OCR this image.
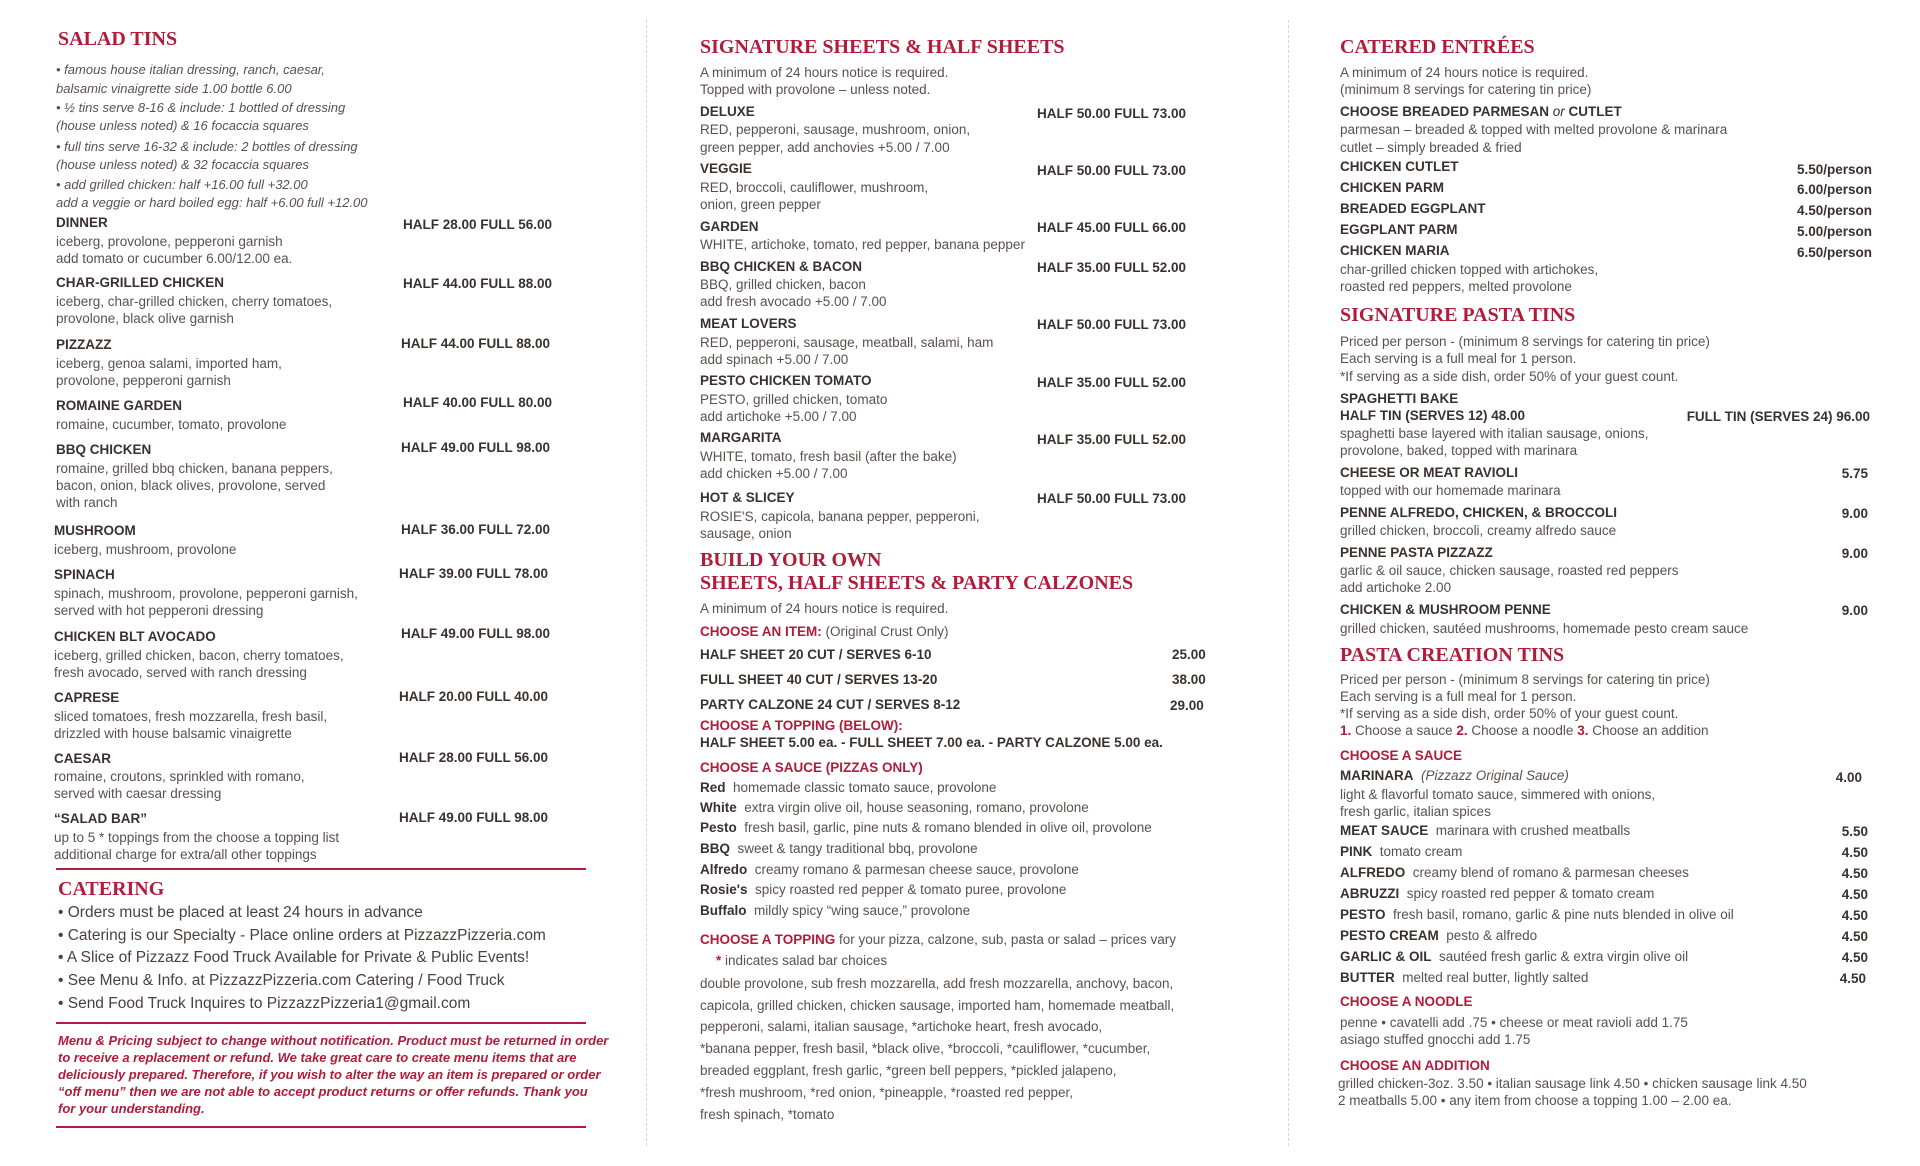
SALAD TINS
• famous house italian dressing, ranch, caesar,
balsamic vinaigrette side 1.00 bottle 6.00
• ½ tins serve 8-16 & include: 1 bottled of dressing
(house unless noted) & 16 focaccia squares
• full tins serve 16-32 & include: 2 bottles of dressing
(house unless noted) & 32 focaccia squares
• add grilled chicken: half +16.00 full +32.00
add a veggie or hard boiled egg: half +6.00 full +12.00
DINNER	HALF 28.00 FULL 56.00
iceberg, provolone, pepperoni garnish
add tomato or cucumber 6.00/12.00 ea.
CHAR-GRILLED CHICKEN	HALF 44.00 FULL 88.00
iceberg, char-grilled chicken, cherry tomatoes,
provolone, black olive garnish
PIZZAZZ	HALF 44.00 FULL 88.00
iceberg, genoa salami, imported ham,
provolone, pepperoni garnish
ROMAINE GARDEN	HALF 40.00 FULL 80.00
romaine, cucumber, tomato, provolone
BBQ CHICKEN	HALF 49.00 FULL 98.00
romaine, grilled bbq chicken, banana peppers,
bacon, onion, black olives, provolone, served
with ranch
MUSHROOM	HALF 36.00 FULL 72.00
iceberg, mushroom, provolone
SPINACH	HALF 39.00 FULL 78.00
spinach, mushroom, provolone, pepperoni garnish,
served with hot pepperoni dressing
CHICKEN BLT AVOCADO	HALF 49.00 FULL 98.00
iceberg, grilled chicken, bacon, cherry tomatoes,
fresh avocado, served with ranch dressing
CAPRESE	HALF 20.00 FULL 40.00
sliced tomatoes, fresh mozzarella, fresh basil,
drizzled with house balsamic vinaigrette
CAESAR	HALF 28.00 FULL 56.00
romaine, croutons, sprinkled with romano,
served with caesar dressing
“SALAD BAR”	HALF 49.00 FULL 98.00
up to 5 * toppings from the choose a topping list
additional charge for extra/all other toppings
CATERING
• Orders must be placed at least 24 hours in advance
• Catering is our Specialty - Place online orders at PizzazzPizzeria.com
• A Slice of Pizzazz Food Truck Available for Private & Public Events!
• See Menu & Info. at PizzazzPizzeria.com Catering / Food Truck
• Send Food Truck Inquires to PizzazzPizzeria1@gmail.com
Menu & Pricing subject to change without notification. Product must be returned in order
to receive a replacement or refund. We take great care to create menu items that are
deliciously prepared. Therefore, if you wish to alter the way an item is prepared or order
“off menu” then we are not able to accept product returns or offer refunds. Thank you
for your understanding.
SIGNATURE SHEETS & HALF SHEETS
A minimum of 24 hours notice is required.
Topped with provolone – unless noted.
DELUXE	HALF 50.00 FULL 73.00
RED, pepperoni, sausage, mushroom, onion,
green pepper, add anchovies +5.00 / 7.00
VEGGIE	HALF 50.00 FULL 73.00
RED, broccoli, cauliflower, mushroom,
onion, green pepper
GARDEN	HALF 45.00 FULL 66.00
WHITE, artichoke, tomato, red pepper, banana pepper
BBQ CHICKEN & BACON	HALF 35.00 FULL 52.00
BBQ, grilled chicken, bacon
add fresh avocado +5.00 / 7.00
MEAT LOVERS	HALF 50.00 FULL 73.00
RED, pepperoni, sausage, meatball, salami, ham
add spinach +5.00 / 7.00
PESTO CHICKEN TOMATO	HALF 35.00 FULL 52.00
PESTO, grilled chicken, tomato
add artichoke +5.00 / 7.00
MARGARITA	HALF 35.00 FULL 52.00
WHITE, tomato, fresh basil (after the bake)
add chicken +5.00 / 7.00
HOT & SLICEY	HALF 50.00 FULL 73.00
ROSIE'S, capicola, banana pepper, pepperoni,
sausage, onion
BUILD YOUR OWN
SHEETS, HALF SHEETS & PARTY CALZONES
A minimum of 24 hours notice is required.
CHOOSE AN ITEM: (Original Crust Only)
HALF SHEET 20 CUT / SERVES 6-10	25.00
FULL SHEET 40 CUT / SERVES 13-20	38.00
PARTY CALZONE 24 CUT / SERVES 8-12	29.00
CHOOSE A TOPPING (BELOW):
HALF SHEET 5.00 ea. - FULL SHEET 7.00 ea. - PARTY CALZONE 5.00 ea.
CHOOSE A SAUCE (PIZZAS ONLY)
Red homemade classic tomato sauce, provolone
White extra virgin olive oil, house seasoning, romano, provolone
Pesto fresh basil, garlic, pine nuts & romano blended in olive oil, provolone
BBQ sweet & tangy traditional bbq, provolone
Alfredo creamy romano & parmesan cheese sauce, provolone
Rosie's spicy roasted red pepper & tomato puree, provolone
Buffalo mildly spicy “wing sauce,” provolone
CHOOSE A TOPPING for your pizza, calzone, sub, pasta or salad – prices vary
* indicates salad bar choices
double provolone, sub fresh mozzarella, add fresh mozzarella, anchovy, bacon,
capicola, grilled chicken, chicken sausage, imported ham, homemade meatball,
pepperoni, salami, italian sausage, *artichoke heart, fresh avocado,
*banana pepper, fresh basil, *black olive, *broccoli, *cauliflower, *cucumber,
breaded eggplant, fresh garlic, *green bell peppers, *pickled jalapeno,
*fresh mushroom, *red onion, *pineapple, *roasted red pepper,
fresh spinach, *tomato
CATERED ENTRÉES
A minimum of 24 hours notice is required.
(minimum 8 servings for catering tin price)
CHOOSE BREADED PARMESAN or CUTLET
parmesan – breaded & topped with melted provolone & marinara
cutlet – simply breaded & fried
CHICKEN CUTLET	5.50/person
CHICKEN PARM	6.00/person
BREADED EGGPLANT	4.50/person
EGGPLANT PARM	5.00/person
CHICKEN MARIA	6.50/person
char-grilled chicken topped with artichokes,
roasted red peppers, melted provolone
SIGNATURE PASTA TINS
Priced per person - (minimum 8 servings for catering tin price)
Each serving is a full meal for 1 person.
*If serving as a side dish, order 50% of your guest count.
SPAGHETTI BAKE
HALF TIN (SERVES 12) 48.00	FULL TIN (SERVES 24) 96.00
spaghetti base layered with italian sausage, onions,
provolone, baked, topped with marinara
CHEESE OR MEAT RAVIOLI	5.75
topped with our homemade marinara
PENNE ALFREDO, CHICKEN, & BROCCOLI	9.00
grilled chicken, broccoli, creamy alfredo sauce
PENNE PASTA PIZZAZZ	9.00
garlic & oil sauce, chicken sausage, roasted red peppers
add artichoke 2.00
CHICKEN & MUSHROOM PENNE	9.00
grilled chicken, sautéed mushrooms, homemade pesto cream sauce
PASTA CREATION TINS
Priced per person - (minimum 8 servings for catering tin price)
Each serving is a full meal for 1 person.
*If serving as a side dish, order 50% of your guest count.
1. Choose a sauce 2. Choose a noodle 3. Choose an addition
CHOOSE A SAUCE
MARINARA (Pizzazz Original Sauce)	4.00
light & flavorful tomato sauce, simmered with onions,
fresh garlic, italian spices
MEAT SAUCE marinara with crushed meatballs	5.50
PINK tomato cream	4.50
ALFREDO creamy blend of romano & parmesan cheeses	4.50
ABRUZZI spicy roasted red pepper & tomato cream	4.50
PESTO fresh basil, romano, garlic & pine nuts blended in olive oil	4.50
PESTO CREAM pesto & alfredo	4.50
GARLIC & OIL sautéed fresh garlic & extra virgin olive oil	4.50
BUTTER melted real butter, lightly salted	4.50
CHOOSE A NOODLE
penne • cavatelli add .75 • cheese or meat ravioli add 1.75
asiago stuffed gnocchi add 1.75
CHOOSE AN ADDITION
grilled chicken-3oz. 3.50 • italian sausage link 4.50 • chicken sausage link 4.50
2 meatballs 5.00 • any item from choose a topping 1.00 – 2.00 ea.
